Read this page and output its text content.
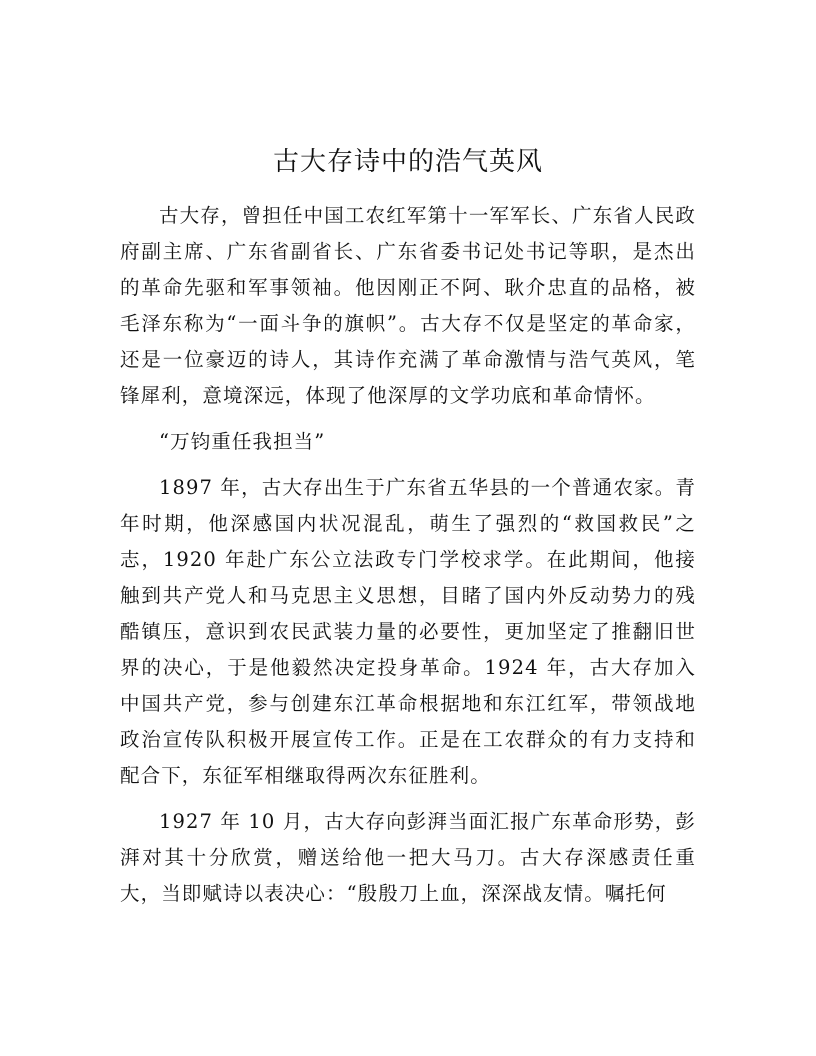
古大存诗中的浩气英风

古大存，曾担任中国工农红军第十一军军长、广东省人民政府副主席、广东省副省长、广东省委书记处书记等职，是杰出的革命先驱和军事领袖。他因刚正不阿、耿介忠直的品格，被毛泽东称为“一面斗争的旗帜”。古大存不仅是坚定的革命家，还是一位豪迈的诗人，其诗作充满了革命激情与浩气英风，笔锋犀利，意境深远，体现了他深厚的文学功底和革命情怀。

“万钧重任我担当”

1897 年，古大存出生于广东省五华县的一个普通农家。青年时期，他深感国内状况混乱，萌生了强烈的“救国救民”之志，1920 年赴广东公立法政专门学校求学。在此期间，他接触到共产党人和马克思主义思想，目睹了国内外反动势力的残酷镇压，意识到农民武装力量的必要性，更加坚定了推翻旧世界的决心，于是他毅然决定投身革命。1924 年，古大存加入中国共产党，参与创建东江革命根据地和东江红军，带领战地政治宣传队积极开展宣传工作。正是在工农群众的有力支持和配合下，东征军相继取得两次东征胜利。

1927 年 10 月，古大存向彭湃当面汇报广东革命形势，彭湃对其十分欣赏，赠送给他一把大马刀。古大存深感责任重大，当即赋诗以表决心：“殷殷刀上血，深深战友情。嘱托何
